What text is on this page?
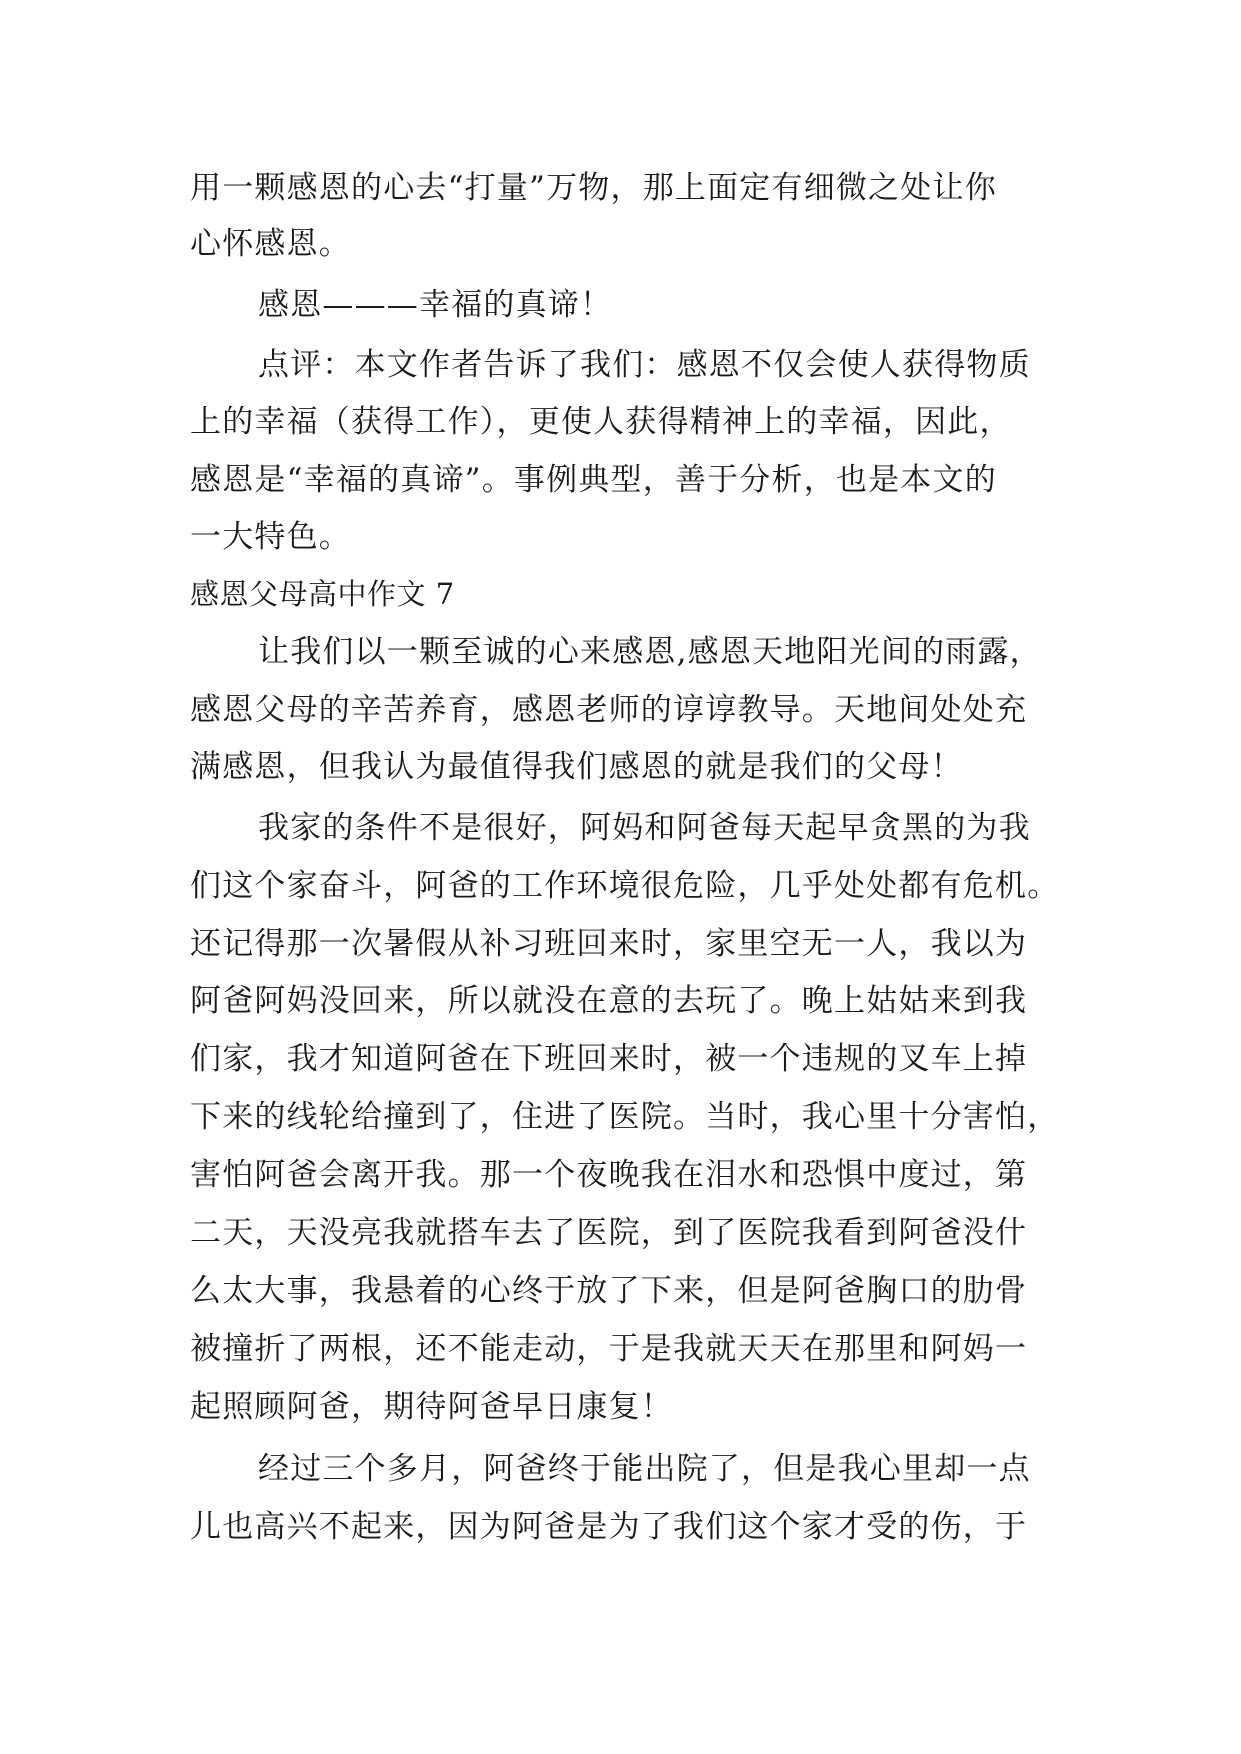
用一颗感恩的心去“打量”万物，那上面定有细微之处让你
心怀感恩。
感恩———幸福的真谛！
点评：本文作者告诉了我们：感恩不仅会使人获得物质
上的幸福（获得工作），更使人获得精神上的幸福，因此，
感恩是“幸福的真谛”。事例典型，善于分析，也是本文的
一大特色。
感恩父母高中作文 7
让我们以一颗至诚的心来感恩,感恩天地阳光间的雨露，
感恩父母的辛苦养育，感恩老师的谆谆教导。天地间处处充
满感恩，但我认为最值得我们感恩的就是我们的父母！
我家的条件不是很好，阿妈和阿爸每天起早贪黑的为我
们这个家奋斗，阿爸的工作环境很危险，几乎处处都有危机。
还记得那一次暑假从补习班回来时，家里空无一人，我以为
阿爸阿妈没回来，所以就没在意的去玩了。晚上姑姑来到我
们家，我才知道阿爸在下班回来时，被一个违规的叉车上掉
下来的线轮给撞到了，住进了医院。当时，我心里十分害怕，
害怕阿爸会离开我。那一个夜晚我在泪水和恐惧中度过，第
二天，天没亮我就搭车去了医院，到了医院我看到阿爸没什
么太大事，我悬着的心终于放了下来，但是阿爸胸口的肋骨
被撞折了两根，还不能走动，于是我就天天在那里和阿妈一
起照顾阿爸，期待阿爸早日康复！
经过三个多月，阿爸终于能出院了，但是我心里却一点
儿也高兴不起来，因为阿爸是为了我们这个家才受的伤，于
